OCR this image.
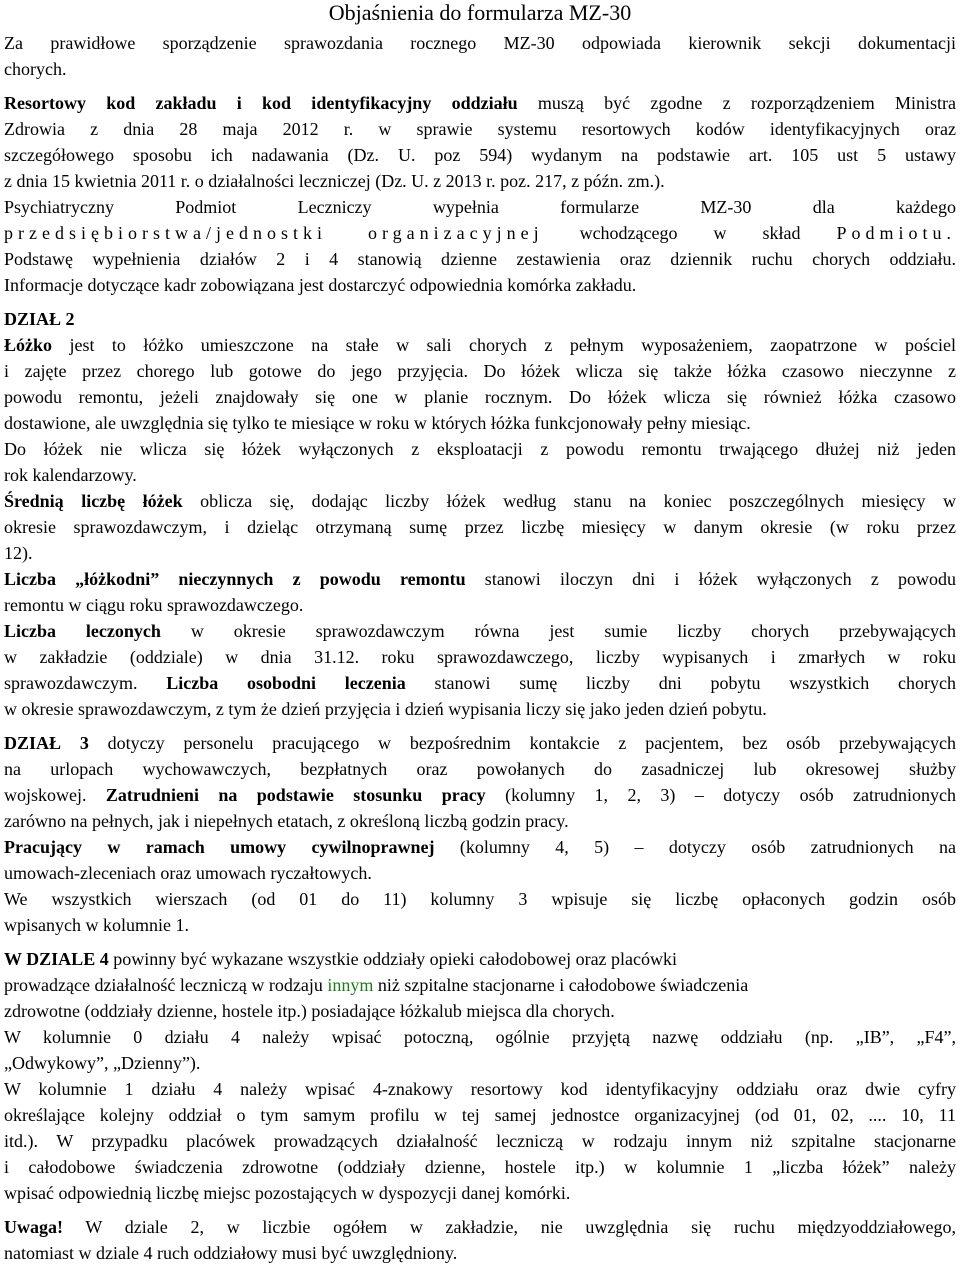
Objaśnienia do formularza MZ-30
Za prawidłowe sporządzenie sprawozdania rocznego MZ-30 odpowiada kierownik sekcji dokumentacji
chorych.
Resortowy kod zakładu i kod identyfikacyjny oddziału muszą być zgodne z rozporządzeniem Ministra
Zdrowia z dnia 28 maja 2012 r. w sprawie systemu resortowych kodów identyfikacyjnych oraz
szczegółowego sposobu ich nadawania (Dz. U. poz 594) wydanym na podstawie art. 105 ust 5 ustawy
z dnia 15 kwietnia 2011 r. o działalności leczniczej (Dz. U. z 2013 r. poz. 217, z późn. zm.).
Psychiatryczny Podmiot Leczniczy wypełnia formularze MZ-30 dla każdego
przedsiębiorstwa/jednostki organizacyjnej wchodzącego w skład Podmiotu.
Podstawę wypełnienia działów 2 i 4 stanowią dzienne zestawienia oraz dziennik ruchu chorych oddziału.
Informacje dotyczące kadr zobowiązana jest dostarczyć odpowiednia komórka zakładu.
DZIAŁ 2
Łóżko jest to łóżko umieszczone na stałe w sali chorych z pełnym wyposażeniem, zaopatrzone w pościel
i zajęte przez chorego lub gotowe do jego przyjęcia. Do łóżek wlicza się także łóżka czasowo nieczynne z
powodu remontu, jeżeli znajdowały się one w planie rocznym. Do łóżek wlicza się również łóżka czasowo
dostawione, ale uwzględnia się tylko te miesiące w roku w których łóżka funkcjonowały pełny miesiąc.
Do łóżek nie wlicza się łóżek wyłączonych z eksploatacji z powodu remontu trwającego dłużej niż jeden
rok kalendarzowy.
Średnią liczbę łóżek oblicza się, dodając liczby łóżek według stanu na koniec poszczególnych miesięcy w
okresie sprawozdawczym, i dzieląc otrzymaną sumę przez liczbę miesięcy w danym okresie (w roku przez
12).
Liczba „łóżkodni” nieczynnych z powodu remontu stanowi iloczyn dni i łóżek wyłączonych z powodu
remontu w ciągu roku sprawozdawczego.
Liczba leczonych w okresie sprawozdawczym równa jest sumie liczby chorych przebywających
w zakładzie (oddziale) w dnia 31.12. roku sprawozdawczego, liczby wypisanych i zmarłych w roku
sprawozdawczym. Liczba osobodni leczenia stanowi sumę liczby dni pobytu wszystkich chorych
w okresie sprawozdawczym, z tym że dzień przyjęcia i dzień wypisania liczy się jako jeden dzień pobytu.
DZIAŁ 3 dotyczy personelu pracującego w bezpośrednim kontakcie z pacjentem, bez osób przebywających
na urlopach wychowawczych, bezpłatnych oraz powołanych do zasadniczej lub okresowej służby
wojskowej. Zatrudnieni na podstawie stosunku pracy (kolumny 1, 2, 3) – dotyczy osób zatrudnionych
zarówno na pełnych, jak i niepełnych etatach, z określoną liczbą godzin pracy.
Pracujący w ramach umowy cywilnoprawnej (kolumny 4, 5) – dotyczy osób zatrudnionych na
umowach-zleceniach oraz umowach ryczałtowych.
We wszystkich wierszach (od 01 do 11) kolumny 3 wpisuje się liczbę opłaconych godzin osób
wpisanych w kolumnie 1.
W DZIALE 4 powinny być wykazane wszystkie oddziały opieki całodobowej oraz placówki
prowadzące działalność leczniczą w rodzaju innym niż szpitalne stacjonarne i całodobowe świadczenia
zdrowotne (oddziały dzienne, hostele itp.) posiadające łóżkalub miejsca dla chorych.
W kolumnie 0 działu 4 należy wpisać potoczną, ogólnie przyjętą nazwę oddziału (np. „IB”, „F4”,
„Odwykowy”, „Dzienny”).
W kolumnie 1 działu 4 należy wpisać 4-znakowy resortowy kod identyfikacyjny oddziału oraz dwie cyfry
określające kolejny oddział o tym samym profilu w tej samej jednostce organizacyjnej (od 01, 02, .... 10, 11
itd.). W przypadku placówek prowadzących działalność leczniczą w rodzaju innym niż szpitalne stacjonarne
i całodobowe świadczenia zdrowotne (oddziały dzienne, hostele itp.) w kolumnie 1 „liczba łóżek” należy
wpisać odpowiednią liczbę miejsc pozostających w dyspozycji danej komórki.
Uwaga! W dziale 2, w liczbie ogółem w zakładzie, nie uwzględnia się ruchu międzyoddziałowego,
natomiast w dziale 4 ruch oddziałowy musi być uwzględniony.
